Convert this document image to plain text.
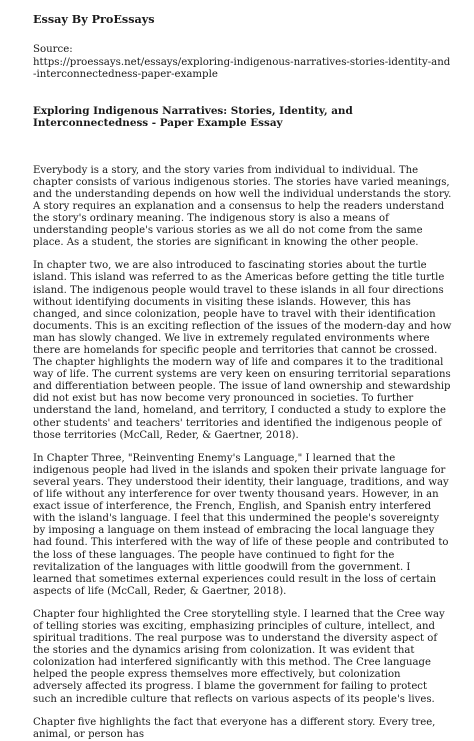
Essay By ProEssays
Source:
https://proessays.net/essays/exploring-indigenous-narratives-stories-identity-and-interconnectedness-paper-example
Exploring Indigenous Narratives: Stories, Identity, and Interconnectedness - Paper Example Essay

Everybody is a story, and the story varies from individual to individual. The chapter consists of various indigenous stories. The stories have varied meanings, and the understanding depends on how well the individual understands the story. A story requires an explanation and a consensus to help the readers understand the story's ordinary meaning. The indigenous story is also a means of understanding people's various stories as we all do not come from the same place. As a student, the stories are significant in knowing the other people.

In chapter two, we are also introduced to fascinating stories about the turtle island. This island was referred to as the Americas before getting the title turtle island. The indigenous people would travel to these islands in all four directions without identifying documents in visiting these islands. However, this has changed, and since colonization, people have to travel with their identification documents. This is an exciting reflection of the issues of the modern-day and how man has slowly changed. We live in extremely regulated environments where there are homelands for specific people and territories that cannot be crossed. The chapter highlights the modern way of life and compares it to the traditional way of life. The current systems are very keen on ensuring territorial separations and differentiation between people. The issue of land ownership and stewardship did not exist but has now become very pronounced in societies. To further understand the land, homeland, and territory, I conducted a study to explore the other students' and teachers' territories and identified the indigenous people of those territories (McCall, Reder, & Gaertner, 2018).

In Chapter Three, "Reinventing Enemy's Language," I learned that the indigenous people had lived in the islands and spoken their private language for several years. They understood their identity, their language, traditions, and way of life without any interference for over twenty thousand years. However, in an exact issue of interference, the French, English, and Spanish entry interfered with the island's language. I feel that this undermined the people's sovereignty by imposing a language on them instead of embracing the local language they had found. This interfered with the way of life of these people and contributed to the loss of these languages. The people have continued to fight for the revitalization of the languages with little goodwill from the government. I learned that sometimes external experiences could result in the loss of certain aspects of life (McCall, Reder, & Gaertner, 2018).

Chapter four highlighted the Cree storytelling style. I learned that the Cree way of telling stories was exciting, emphasizing principles of culture, intellect, and spiritual traditions. The real purpose was to understand the diversity aspect of the stories and the dynamics arising from colonization. It was evident that colonization had interfered significantly with this method. The Cree language helped the people express themselves more effectively, but colonization adversely affected its progress. I blame the government for failing to protect such an incredible culture that reflects on various aspects of its people's lives.

Chapter five highlights the fact that everyone has a different story. Every tree, animal, or person has
